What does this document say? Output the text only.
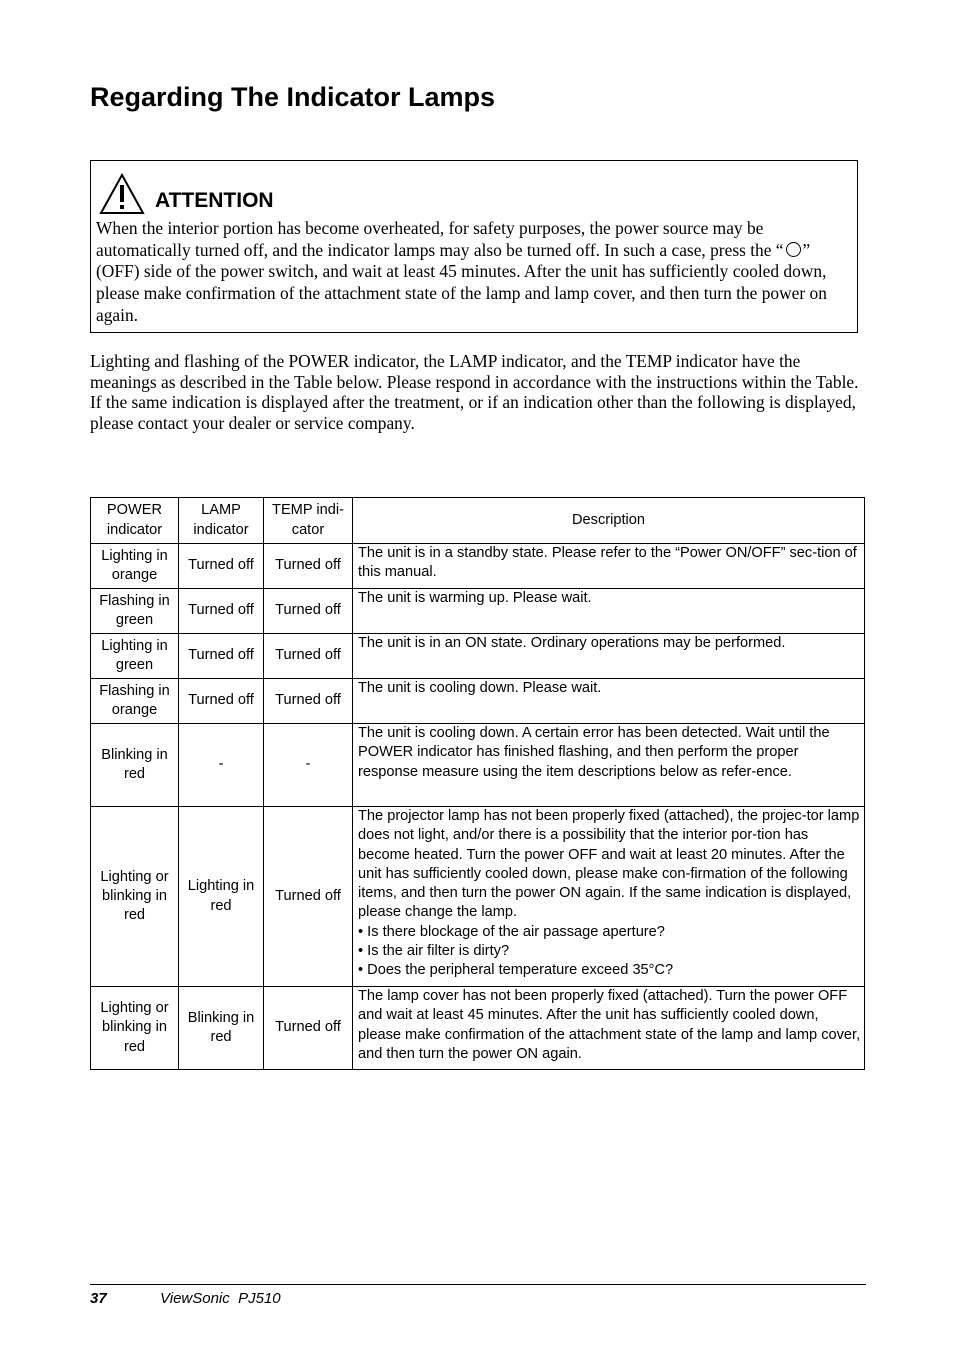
Regarding The Indicator Lamps
ATTENTION
When the interior portion has become overheated, for safety purposes, the power source may be automatically turned off, and the indicator lamps may also be turned off. In such a case, press the “ ” (OFF) side of the power switch, and wait at least 45 minutes. After the unit has sufficiently cooled down, please make confirmation of the attachment state of the lamp and lamp cover, and then turn the power on again.
Lighting and flashing of the POWER indicator, the LAMP indicator, and the TEMP indicator have the meanings as described in the Table below. Please respond in accordance with the instructions within the Table. If the same indication is displayed after the treatment, or if an indication other than the following is displayed, please contact your dealer or service company.
POWER indicator	LAMP indicator	TEMP indi-cator	Description
Lighting in orange	Turned off	Turned off	The unit is in a standby state. Please refer to the “Power ON/OFF” sec-tion of this manual.
Flashing in green	Turned off	Turned off	The unit is warming up. Please wait.
Lighting in green	Turned off	Turned off	The unit is in an ON state. Ordinary operations may be performed.
Flashing in orange	Turned off	Turned off	The unit is cooling down. Please wait.
Blinking in red	-	-	The unit is cooling down. A certain error has been detected. Wait until the POWER indicator has finished flashing, and then perform the proper response measure using the item descriptions below as refer-ence.
Lighting or blinking in red	Lighting in red	Turned off	The projector lamp has not been properly fixed (attached), the projec-tor lamp does not light, and/or there is a possibility that the interior por-tion has become heated. Turn the power OFF and wait at least 20 minutes. After the unit has sufficiently cooled down, please make con-firmation of the following items, and then turn the power ON again. If the same indication is displayed, please change the lamp.
• Is there blockage of the air passage aperture?
• Is the air filter is dirty?
• Does the peripheral temperature exceed 35°C?

Lighting or blinking in red	Blinking in red	Turned off	The lamp cover has not been properly fixed (attached). Turn the power OFF and wait at least 45 minutes. After the unit has sufficiently cooled down, please make confirmation of the attachment state of the lamp and lamp cover, and then turn the power ON again.
37	ViewSonic  PJ510
